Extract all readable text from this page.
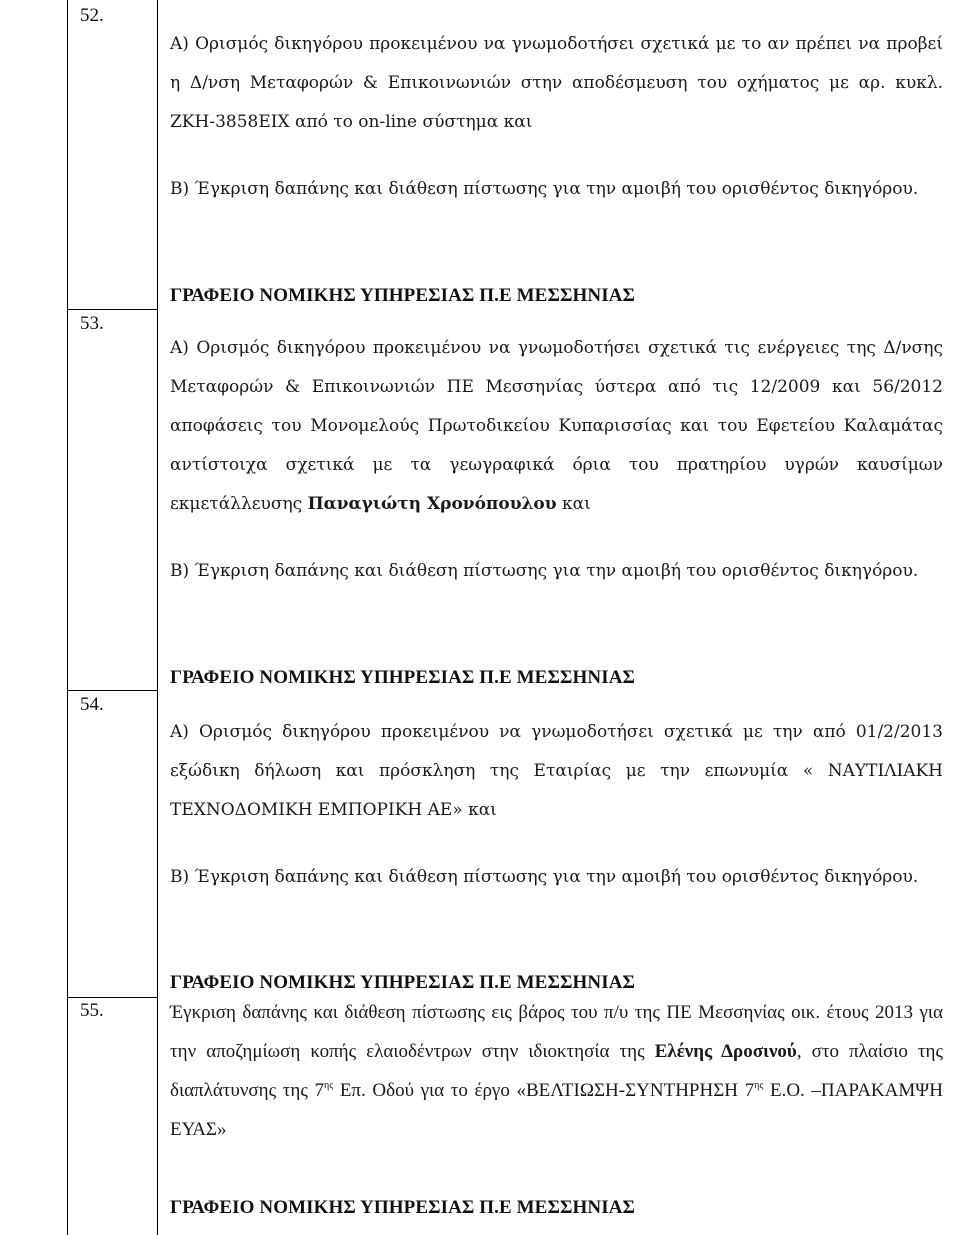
52.

Α) Ορισμός δικηγόρου προκειμένου να γνωμοδοτήσει σχετικά με το αν πρέπει να προβεί η Δ/νση Μεταφορών & Επικοινωνιών στην αποδέσμευση του οχήματος με αρ. κυκλ. ΖΚΗ-3858ΕΙΧ από το on-line σύστημα και

Β) Έγκριση δαπάνης και διάθεση πίστωσης για την αμοιβή του ορισθέντος δικηγόρου.

ΓΡΑΦΕΙΟ ΝΟΜΙΚΗΣ ΥΠΗΡΕΣΙΑΣ Π.Ε ΜΕΣΣΗΝΙΑΣ
53.

Α) Ορισμός δικηγόρου προκειμένου να γνωμοδοτήσει σχετικά τις ενέργειες της Δ/νσης Μεταφορών & Επικοινωνιών ΠΕ Μεσσηνίας ύστερα από τις 12/2009 και 56/2012 αποφάσεις του Μονομελούς Πρωτοδικείου Κυπαρισσίας και του Εφετείου Καλαμάτας αντίστοιχα σχετικά με τα γεωγραφικά όρια του πρατηρίου υγρών καυσίμων εκμετάλλευσης Παναγιώτη Χρονόπουλου και

Β) Έγκριση δαπάνης και διάθεση πίστωσης για την αμοιβή του ορισθέντος δικηγόρου.

ΓΡΑΦΕΙΟ ΝΟΜΙΚΗΣ ΥΠΗΡΕΣΙΑΣ Π.Ε ΜΕΣΣΗΝΙΑΣ
54.

Α) Ορισμός δικηγόρου προκειμένου να γνωμοδοτήσει σχετικά με την από 01/2/2013 εξώδικη δήλωση και πρόσκληση της Εταιρίας με την επωνυμία « ΝΑΥΤΙΛΙΑΚΗ ΤΕΧΝΟΔΟΜΙΚΗ ΕΜΠΟΡΙΚΗ ΑΕ» και

Β) Έγκριση δαπάνης και διάθεση πίστωσης για την αμοιβή του ορισθέντος δικηγόρου.

ΓΡΑΦΕΙΟ ΝΟΜΙΚΗΣ ΥΠΗΡΕΣΙΑΣ Π.Ε ΜΕΣΣΗΝΙΑΣ
55.	Έγκριση δαπάνης και διάθεση πίστωσης εις βάρος του π/υ της ΠΕ Μεσσηνίας οικ. έτους 2013 για την αποζημίωση κοπής ελαιοδέντρων στην ιδιοκτησία της Ελένης Δροσινού, στο πλαίσιο της διαπλάτυνσης της $7^{\eta\varsigma}$ Επ. Οδού για το έργο «ΒΕΛΤΙΩΣΗ-ΣΥΝΤΗΡΗΣΗ $7^{\eta\varsigma}$ Ε.Ο. –ΠΑΡΑΚΑΜΨΗ ΕΥΑΣ»

ΓΡΑΦΕΙΟ ΝΟΜΙΚΗΣ ΥΠΗΡΕΣΙΑΣ Π.Ε ΜΕΣΣΗΝΙΑΣ
